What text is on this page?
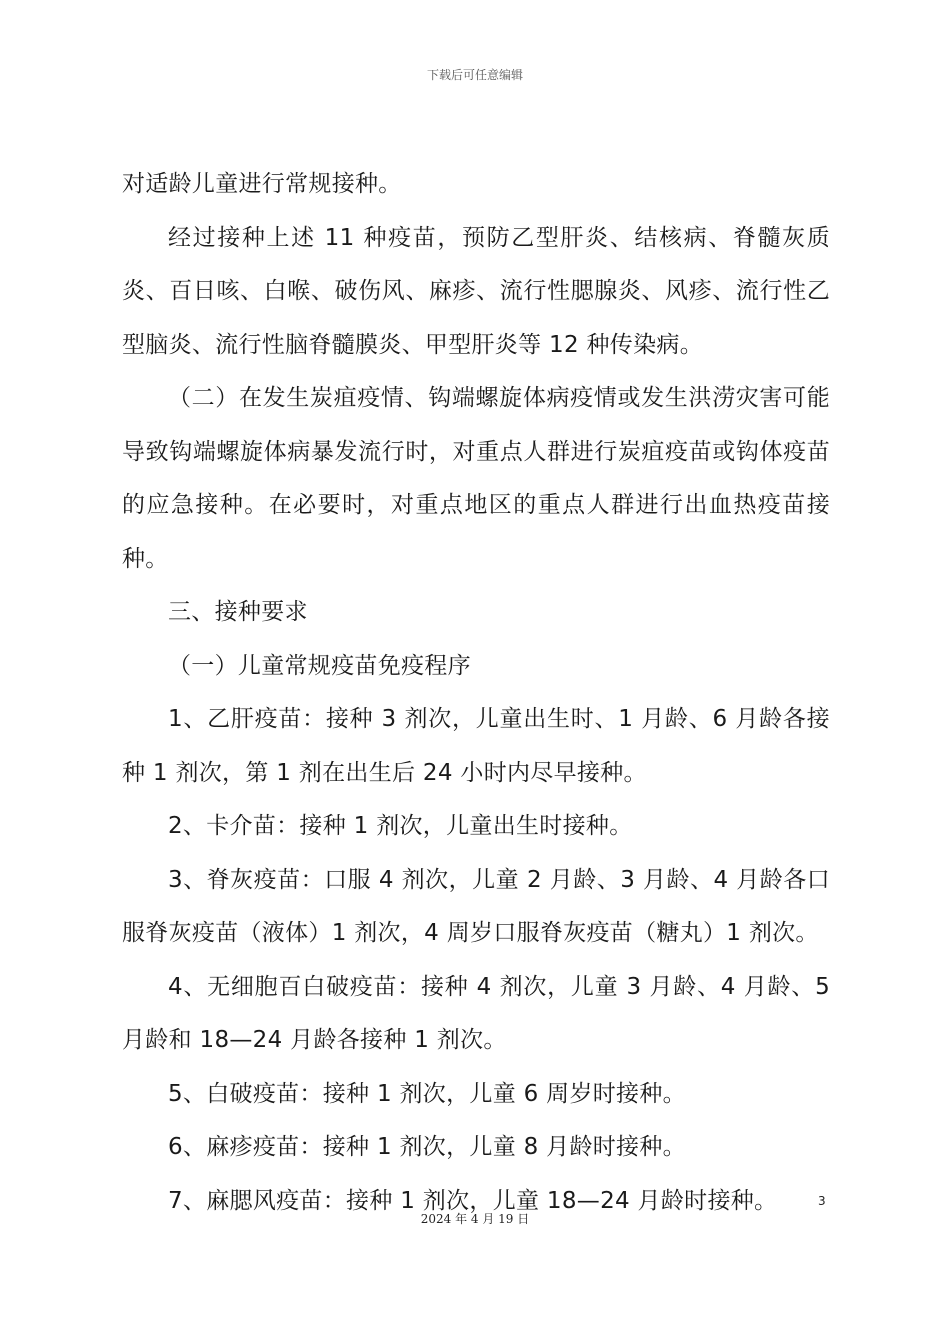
下载后可任意编辑

对适龄儿童进行常规接种。

经过接种上述 11 种疫苗，预防乙型肝炎、结核病、脊髓灰质炎、百日咳、白喉、破伤风、麻疹、流行性腮腺炎、风疹、流行性乙型脑炎、流行性脑脊髓膜炎、甲型肝炎等 12 种传染病。

（二）在发生炭疽疫情、钩端螺旋体病疫情或发生洪涝灾害可能导致钩端螺旋体病暴发流行时，对重点人群进行炭疽疫苗或钩体疫苗的应急接种。在必要时，对重点地区的重点人群进行出血热疫苗接种。

三、接种要求

（一）儿童常规疫苗免疫程序

1、乙肝疫苗：接种 3 剂次，儿童出生时、1 月龄、6 月龄各接种 1 剂次，第 1 剂在出生后 24 小时内尽早接种。

2、卡介苗：接种 1 剂次，儿童出生时接种。

3、脊灰疫苗：口服 4 剂次，儿童 2 月龄、3 月龄、4 月龄各口服脊灰疫苗（液体）1 剂次，4 周岁口服脊灰疫苗（糖丸）1 剂次。

4、无细胞百白破疫苗：接种 4 剂次，儿童 3 月龄、4 月龄、5 月龄和 18—24 月龄各接种 1 剂次。

5、白破疫苗：接种 1 剂次，儿童 6 周岁时接种。

6、麻疹疫苗：接种 1 剂次，儿童 8 月龄时接种。

7、麻腮风疫苗：接种 1 剂次，儿童 18—24 月龄时接种。	3
2024 年 4 月 19 日
